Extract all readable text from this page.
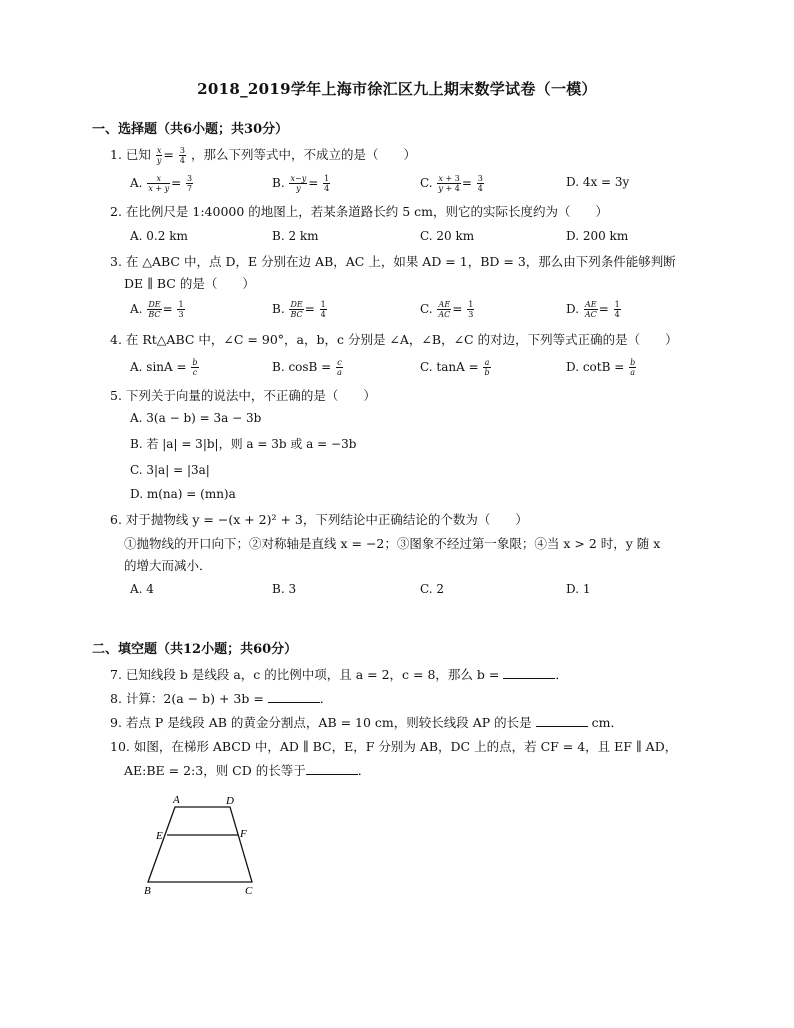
2018_2019学年上海市徐汇区九上期末数学试卷（一模）
一、选择题（共6小题；共30分）
1. 已知 $\frac{x}{y} = \frac{3}{4}$ ，那么下列等式中，不成立的是（　　）
A. $\frac{x}{x + y} = \frac{3}{7}$	B. $\frac{x-y}{y} = \frac{1}{4}$	C. $\frac{x + 3}{y + 4} = \frac{3}{4}$	D. 4x = 3y
2. 在比例尺是 1:40000 的地图上，若某条道路长约 5 cm，则它的实际长度约为（　　）
A. 0.2 km	B. 2 km	C. 20 km	D. 200 km
3. 在 △ABC 中，点 D，E 分别在边 AB，AC 上，如果 AD = 1，BD = 3，那么由下列条件能够判断
DE ∥ BC 的是（　　）
A. $\frac{DE}{BC} = \frac{1}{3}$	B. $\frac{DE}{BC} = \frac{1}{4}$	C. $\frac{AE}{AC} = \frac{1}{3}$	D. $\frac{AE}{AC} = \frac{1}{4}$
4. 在 Rt△ABC 中，∠C = 90°，a，b，c 分别是 ∠A，∠B，∠C 的对边，下列等式正确的是（　　）
A. $\sin A = \frac{b}{c}$	B. $\cos B = \frac{c}{a}$	C. $\tan A = \frac{a}{b}$	D. $\cot B = \frac{b}{a}$
5. 下列关于向量的说法中，不正确的是（　　）
A. 3(a − b) = 3a − 3b
B. 若 |a| = 3|b|，则 a = 3b 或 a = −3b
C. 3|a| = |3a|
D. m(na) = (mn)a
6. 对于抛物线 y = −(x + 2)² + 3，下列结论中正确结论的个数为（　　）
①抛物线的开口向下；②对称轴是直线 x = −2；③图象不经过第一象限；④当 x > 2 时，y 随 x
的增大而减小．
A. 4	B. 3	C. 2	D. 1
二、填空题（共12小题；共60分）
7. 已知线段 b 是线段 a，c 的比例中项，且 a = 2，c = 8，那么 b =	．
8. 计算：2(a − b) + 3b =	．
9. 若点 P 是线段 AB 的黄金分割点，AB = 10 cm，则较长线段 AP 的长是	cm．
10. 如图，在梯形 ABCD 中，AD ∥ BC，E，F 分别为 AB，DC 上的点，若 CF = 4，且 EF ∥ AD，
AE:BE = 2:3，则 CD 的长等于	．
A	D
E	F
B	C
